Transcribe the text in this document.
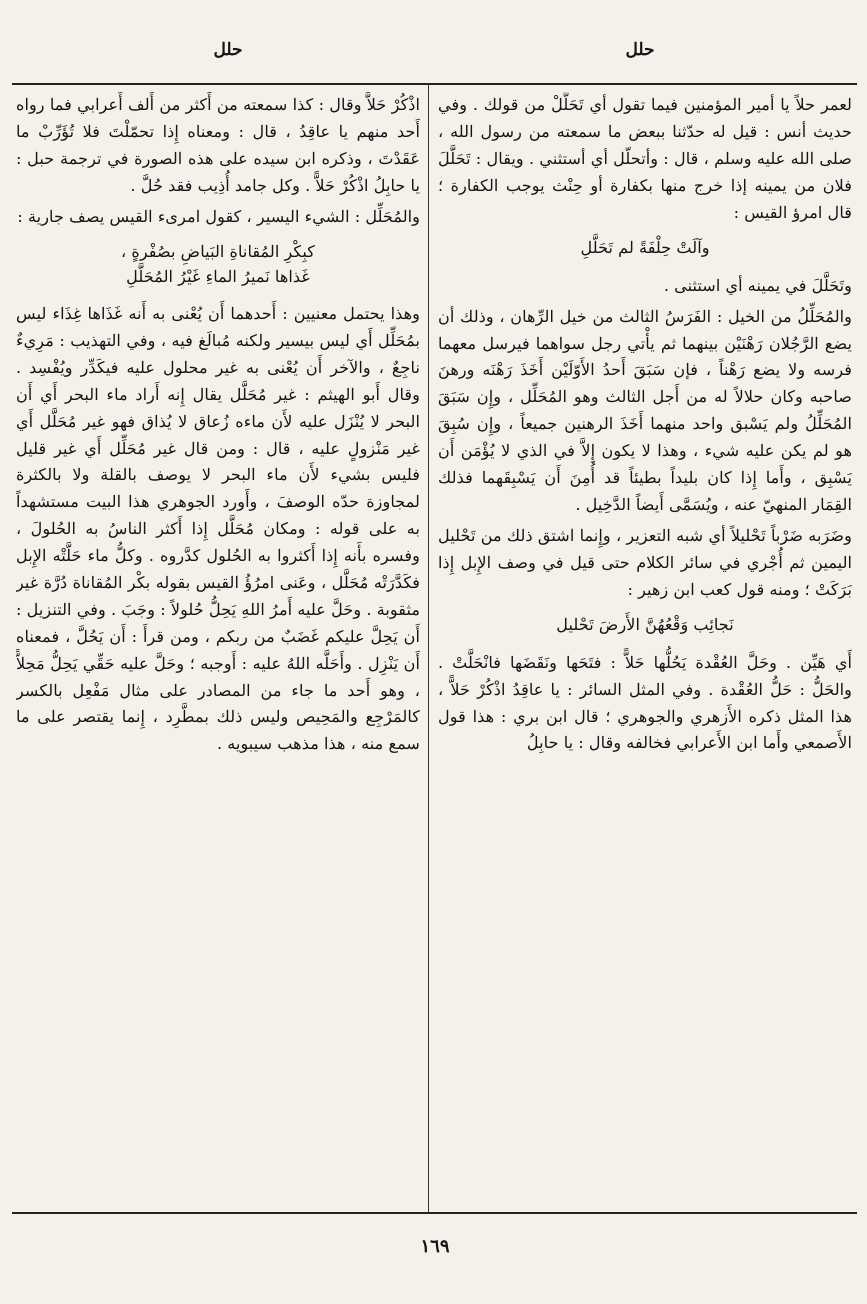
حلل
حلل

لعمر حلاً يا أمير المؤمنين فيما تقول أي تَحَلَّلْ من قولك . وفي حديث أنس : قيل له حدّثنا ببعض ما سمعته من رسول الله ، صلى الله عليه وسلم ، قال : وأتحلّل أي أستثني . ويقال : تَحَلَّلَ فلان من يمينه إذا خرج منها بكفارة أو حِنْث يوجب الكفارة ؛ قال امرؤ القيس :

وآلَتْ حِلْفَةً لم تَحَلَّلِ

وتَحَلَّلَ في يمينه أي استثنى .

والمُحَلِّلُ من الخيل : الفَرَسُ الثالث من خيل الرِّهان ، وذلك أن يضع الرَّجُلان رَهْنَيْن بينهما ثم يأْتي رجل سواهما فيرسل معهما فرسه ولا يضع رَهْناً ، فإن سَبَقَ أَحدُ الأَوّلَيْن أَخَذَ رَهْنَه ورهنَ صاحبه وكان حلالاً له من أَجل الثالث وهو المُحَلِّل ، وإِن سَبَقَ المُحَلِّلُ ولم يَسْبق واحد منهما أَخَذَ الرهنين جميعاً ، وإِن سُبِقَ هو لم يكن عليه شيء ، وهذا لا يكون إِلاَّ في الذي لا يُؤْمَن أَن يَسْبِق ، وأَما إِذا كان بليداً بطيئاً قد أُمِنَ أَن يَسْبِقَهما فذلك القِمَار المنهيّ عنه ، ويُسَمَّى أَيضاً الدَّخِيل .

وضَرَبه ضَرْباً تَحْليلاً أي شبه التعزير ، وإِنما اشتق ذلك من تَحْليل اليمين ثم أُجْري في سائر الكلام حتى قيل في وصف الإِبل إِذا بَرَكَتْ ؛ ومنه قول كعب ابن زهير :

نَجائِب وَقْعُهُنَّ الأَرضَ تَحْليل

أَي هَيِّن . وحَلَّ العُقْدة يَحُلُّها حَلاًّ : فتَحَها ونَقَضَها فانْحَلَّتْ . والحَلُّ : حَلُّ العُقْدة . وفي المثل السائر : يا عاقِدُ اذْكُرْ حَلاًّ ، هذا المثل ذكره الأَزهري والجوهري ؛ قال ابن بري : هذا قول الأَصمعي وأَما ابن الأَعرابي فخالفه وقال : يا حابِلُ

اذْكُرْ حَلاًّ وقال : كذا سمعته من أَكثر من أَلف أَعرابي فما رواه أَحد منهم يا عاقِدُ ، قال : ومعناه إِذا تحمّلْتَ فلا تُؤَرِّبْ ما عَقَدْتَ ، وذكره ابن سيده على هذه الصورة في ترجمة حبل : يا حابِلُ اذْكُرْ حَلاًّ . وكل جامد أُذِيب فقد حُلَّ .

والمُحَلِّل : الشيء اليسير ، كقول امرىء القيس يصف جارية :

كبِكْرِ المُقاناةِ البَياضِ بصُفْرةٍ ،
غَذاها نَميرُ الماءِ غَيْرُ المُحَلَّلِ

وهذا يحتمل معنيين : أَحدهما أَن يُعْنى به أَنه غَذَاها غِذَاء ليس بمُحَلِّل أَي ليس بيسير ولكنه مُبالَغ فيه ، وفي التهذيب : مَرِيءٌ ناجِعٌ ، والآخر أَن يُعْنى به غير محلول عليه فيكَدِّر ويُفْسِد . وقال أَبو الهيثم : غير مُحَلَّل يقال إِنه أَراد ماء البحر أَي أَن البحر لا يُنْزَل عليه لأَن ماءه زُعاق لا يُذاق فهو غير مُحَلَّل أَي غير مَنْزولٍ عليه ، قال : ومن قال غير مُحَلِّل أَي غير قليل فليس بشيء لأَن ماء البحر لا يوصف بالقلة ولا بالكثرة لمجاوزة حدّه الوصفَ ، وأَورد الجوهري هذا البيت مستشهداً به على قوله : ومكان مُحَلَّل إِذا أَكثر الناسُ به الحُلولَ ، وفسره بأَنه إِذا أَكثروا به الحُلول كدَّروه . وكلُّ ماء حَلَّتْه الإِبل فكَدَّرَتْه مُحَلَّل ، وعَنى امرُؤُ القيس بقوله بكْر المُقاناة دُرَّة غير مثقوبة . وحَلَّ عليه أَمرُ اللهِ يَحِلُّ حُلولاً : وجَبَ . وفي التنزيل : أَن يَحِلَّ عليكم غَضَبٌ من ربكم ، ومن قرأَ : أَن يَحُلَّ ، فمعناه أَن يَنْزِل . وأَحَلَّه اللهُ عليه : أَوجبه ؛ وحَلَّ عليه حَقِّي يَحِلُّ مَحِلاًّ ، وهو أَحد ما جاء من المصادر على مثال مَفْعِل بالكسر كالمَرْجِع والمَحِيص وليس ذلك بمطَّرِد ، إِنما يقتصر على ما سمع منه ، هذا مذهب سيبويه .

١٦٩
